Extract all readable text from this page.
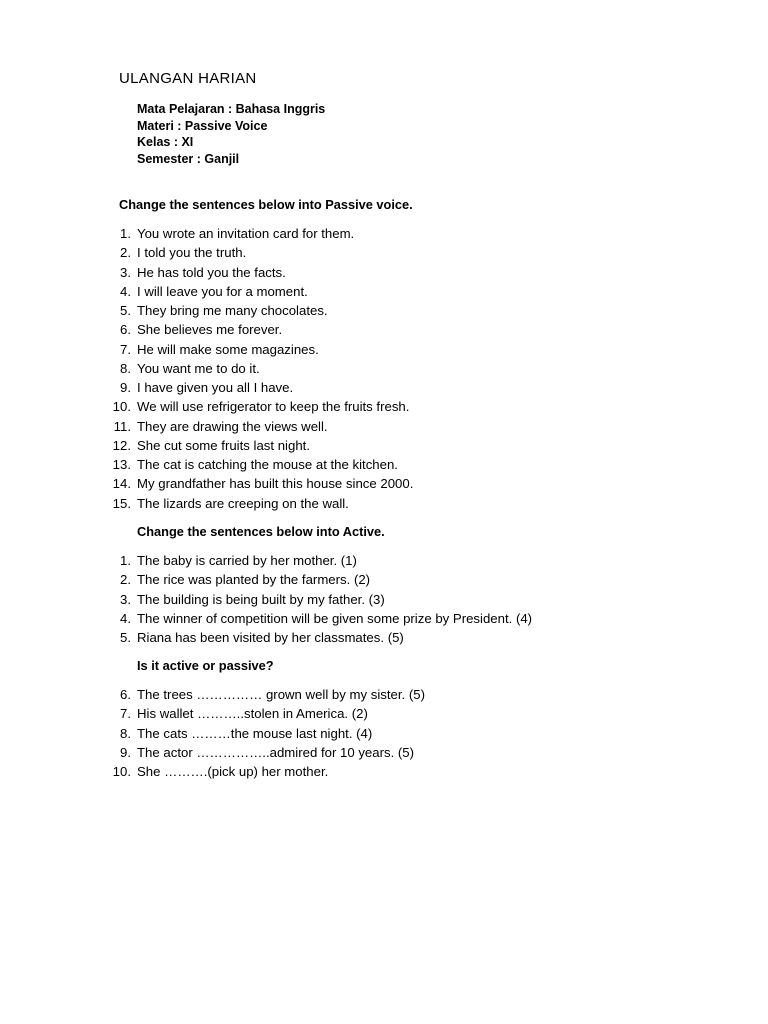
ULANGAN HARIAN
Mata Pelajaran : Bahasa Inggris
Materi : Passive Voice
Kelas : XI
Semester : Ganjil
Change the sentences below into Passive voice.
1. You wrote an invitation card for them.
2. I told you the truth.
3. He has told you the facts.
4. I will leave you for a moment.
5. They bring me many chocolates.
6. She believes me forever.
7. He will make some magazines.
8. You want me to do it.
9. I have given you all I have.
10. We will use refrigerator to keep the fruits fresh.
11. They are drawing the views well.
12. She cut some fruits last night.
13. The cat is catching the mouse at the kitchen.
14. My grandfather has built this house since 2000.
15. The lizards are creeping on the wall.
Change the sentences below into Active.
1. The baby is carried by her mother. (1)
2. The rice was planted by the farmers. (2)
3. The building is being built by my father. (3)
4. The winner of competition will be given some prize by President. (4)
5. Riana has been visited by her classmates. (5)
Is it active or passive?
6. The trees …………… grown well by my sister. (5)
7. His wallet ………..stolen in America. (2)
8. The cats ………the mouse last night. (4)
9. The actor ……………..admired for 10 years. (5)
10. She ……….(pick up) her mother.
